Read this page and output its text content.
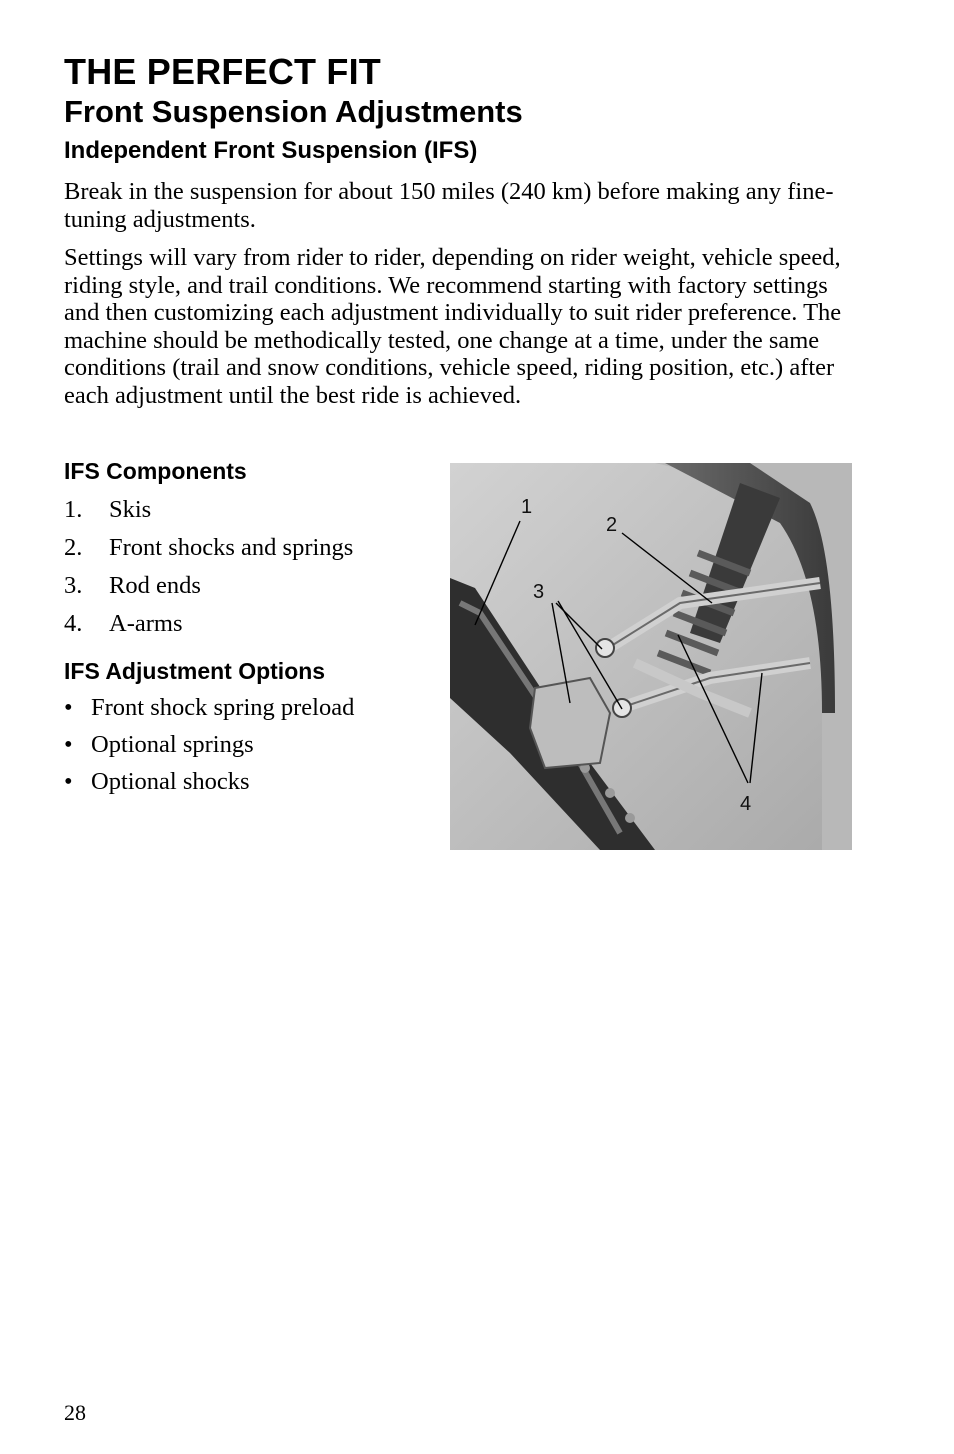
THE PERFECT FIT
Front Suspension Adjustments
Independent Front Suspension (IFS)

Break in the suspension for about 150 miles (240 km) before making any fine-tuning adjustments.

Settings will vary from rider to rider, depending on rider weight, vehicle speed, riding style, and trail conditions. We recommend starting with factory settings and then customizing each adjustment individually to suit rider preference. The machine should be methodically tested, one change at a time, under the same conditions (trail and snow conditions, vehicle speed, riding position, etc.) after each adjustment until the best ride is achieved.

IFS Components
1. Skis
2. Front shocks and springs
3. Rod ends
4. A-arms
IFS Adjustment Options
• Front shock spring preload
• Optional springs
• Optional shocks
1
2
3
4

28
